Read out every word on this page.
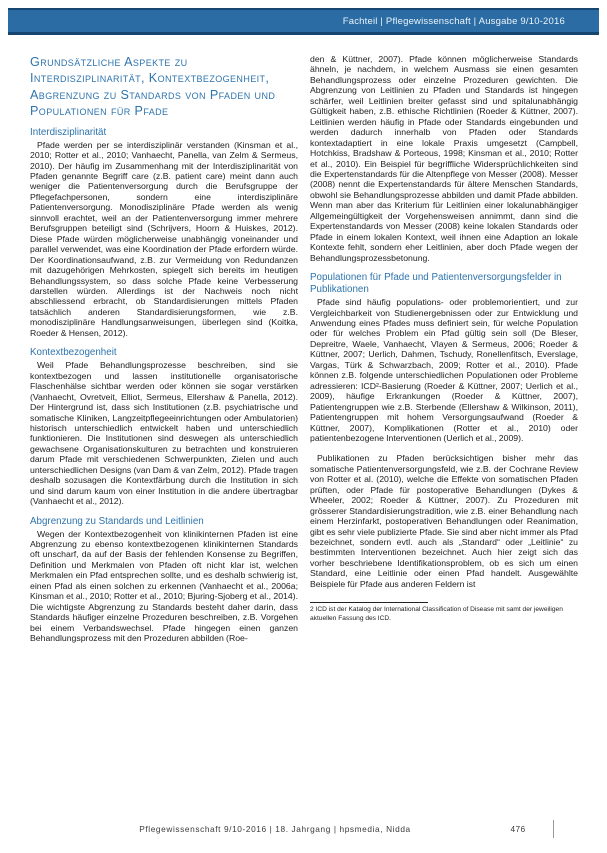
Fachteil | Pflegewissenschaft | Ausgabe 9/10-2016
Grundsätzliche Aspekte zu Interdisziplinarität, Kontextbezogenheit, Abgrenzung zu Standards von Pfaden und Populationen für Pfade
Interdisziplinarität

Pfade werden per se interdisziplinär verstanden (Kinsman et al., 2010; Rotter et al., 2010; Vanhaecht, Panella, van Zelm & Sermeus, 2010). Der häufig im Zusammenhang mit der Interdisziplinarität von Pfaden genannte Begriff care (z.B. patient care) meint dann auch weniger die Patientenversorgung durch die Berufsgruppe der Pflegefachpersonen, sondern eine interdisziplinäre Patientenversorgung. Monodisziplinäre Pfade werden als wenig sinnvoll erachtet, weil an der Patientenversorgung immer mehrere Berufsgruppen beteiligt sind (Schrijvers, Hoorn & Huiskes, 2012). Diese Pfade würden möglicherweise unabhängig voneinander und parallel verwendet, was eine Koordination der Pfade erfordern würde. Der Koordinationsaufwand, z.B. zur Vermeidung von Redundanzen mit dazugehörigen Mehrkosten, spiegelt sich bereits im heutigen Behandlungssystem, so dass solche Pfade keine Verbesserung darstellen würden. Allerdings ist der Nachweis noch nicht abschliessend erbracht, ob Standardisierungen mittels Pfaden tatsächlich anderen Standardisierungsformen, wie z.B. monodisziplinäre Handlungsanweisungen, überlegen sind (Koitka, Roeder & Hensen, 2012).

Kontextbezogenheit

Weil Pfade Behandlungsprozesse beschreiben, sind sie kontextbezogen und lassen institutionelle organisatorische Flaschenhälse sichtbar werden oder können sie sogar verstärken (Vanhaecht, Ovretveit, Elliot, Sermeus, Ellershaw & Panella, 2012). Der Hintergrund ist, dass sich Institutionen (z.B. psychiatrische und somatische Kliniken, Langzeitpflegeeinrichtungen oder Ambulatorien) historisch unterschiedlich entwickelt haben und unterschiedlich funktionieren. Die Institutionen sind deswegen als unterschiedlich gewachsene Organisationskulturen zu betrachten und konstruieren darum Pfade mit verschiedenen Schwerpunkten, Zielen und auch unterschiedlichen Designs (van Dam & van Zelm, 2012). Pfade tragen deshalb sozusagen die Kontextfärbung durch die Institution in sich und sind darum kaum von einer Institution in die andere übertragbar (Vanhaecht et al., 2012).

Abgrenzung zu Standards und Leitlinien

Wegen der Kontextbezogenheit von klinikinternen Pfaden ist eine Abgrenzung zu ebenso kontextbezogenen klinikinternen Standards oft unscharf, da auf der Basis der fehlenden Konsense zu Begriffen, Definition und Merkmalen von Pfaden oft nicht klar ist, welchen Merkmalen ein Pfad entsprechen sollte, und es deshalb schwierig ist, einen Pfad als einen solchen zu erkennen (Vanhaecht et al., 2006a; Kinsman et al., 2010; Rotter et al., 2010; Bjuring-Sjoberg et al., 2014). Die wichtigste Abgrenzung zu Standards besteht daher darin, dass Standards häufiger einzelne Prozeduren beschreiben, z.B. Vorgehen bei einem Verbandswechsel. Pfade hingegen einen ganzen Behandlungsprozess mit den Prozeduren abbilden (Roe-

den & Küttner, 2007). Pfade können möglicherweise Standards ähneln, je nachdem, in welchem Ausmass sie einen gesamten Behandlungsprozess oder einzelne Prozeduren gewichten. Die Abgrenzung von Leitlinien zu Pfaden und Standards ist hingegen schärfer, weil Leitlinien breiter gefasst sind und spitalunabhängig Gültigkeit haben, z.B. ethische Richtlinien (Roeder & Küttner, 2007). Leitlinien werden häufig in Pfade oder Standards eingebunden und werden dadurch innerhalb von Pfaden oder Standards kontextadaptiert in eine lokale Praxis umgesetzt (Campbell, Hotchkiss, Bradshaw & Porteous, 1998; Kinsman et al., 2010; Rotter et al., 2010). Ein Beispiel für begriffliche Widersprüchlichkeiten sind die Expertenstandards für die Altenpflege von Messer (2008). Messer (2008) nennt die Expertenstandards für ältere Menschen Standards, obwohl sie Behandlungsprozesse abbilden und damit Pfade abbilden. Wenn man aber das Kriterium für Leitlinien einer lokalunabhängiger Allgemeingültigkeit der Vorgehensweisen annimmt, dann sind die Expertenstandards von Messer (2008) keine lokalen Standards oder Pfade in einem lokalen Kontext, weil ihnen eine Adaption an lokale Kontexte fehlt, sondern eher Leitlinien, aber doch Pfade wegen der Behandlungsprozessbetonung.

Populationen für Pfade und Patientenversorgungsfelder in Publikationen

Pfade sind häufig populations- oder problemorientiert, und zur Vergleichbarkeit von Studienergebnissen oder zur Entwicklung und Anwendung eines Pfades muss definiert sein, für welche Population oder für welches Problem ein Pfad gültig sein soll (De Bleser, Depreitre, Waele, Vanhaecht, Vlayen & Sermeus, 2006; Roeder & Küttner, 2007; Uerlich, Dahmen, Tschudy, Ronellenfitsch, Everslage, Vargas, Türk & Schwarzbach, 2009; Rotter et al., 2010). Pfade können z.B. folgende unterschiedlichen Populationen oder Probleme adressieren: ICD²-Basierung (Roeder & Küttner, 2007; Uerlich et al., 2009), häufige Erkrankungen (Roeder & Küttner, 2007), Patientengruppen wie z.B. Sterbende (Ellershaw & Wilkinson, 2011), Patientengruppen mit hohem Versorgungsaufwand (Roeder & Küttner, 2007), Komplikationen (Rotter et al., 2010) oder patientenbezogene Interventionen (Uerlich et al., 2009).

Publikationen zu Pfaden berücksichtigen bisher mehr das somatische Patientenversorgungsfeld, wie z.B. der Cochrane Review von Rotter et al. (2010), welche die Effekte von somatischen Pfaden prüften, oder Pfade für postoperative Behandlungen (Dykes & Wheeler, 2002; Roeder & Küttner, 2007). Zu Prozeduren mit grösserer Standardisierungstradition, wie z.B. einer Behandlung nach einem Herzinfarkt, postoperativen Behandlungen oder Reanimation, gibt es sehr viele publizierte Pfade. Sie sind aber nicht immer als Pfad bezeichnet, sondern evtl. auch als „Standard“ oder „Leitlinie“ zu bestimmten Interventionen bezeichnet. Auch hier zeigt sich das vorher beschriebene Identifikationsproblem, ob es sich um einen Standard, eine Leitlinie oder einen Pfad handelt. Ausgewählte Beispiele für Pfade aus anderen Feldern ist

2 ICD ist der Katalog der International Classification of Disease mit samt der jeweiligen aktuellen Fassung des ICD.

Pflegewissenschaft 9/10-2016 | 18. Jahrgang | hpsmedia, Nidda	476
